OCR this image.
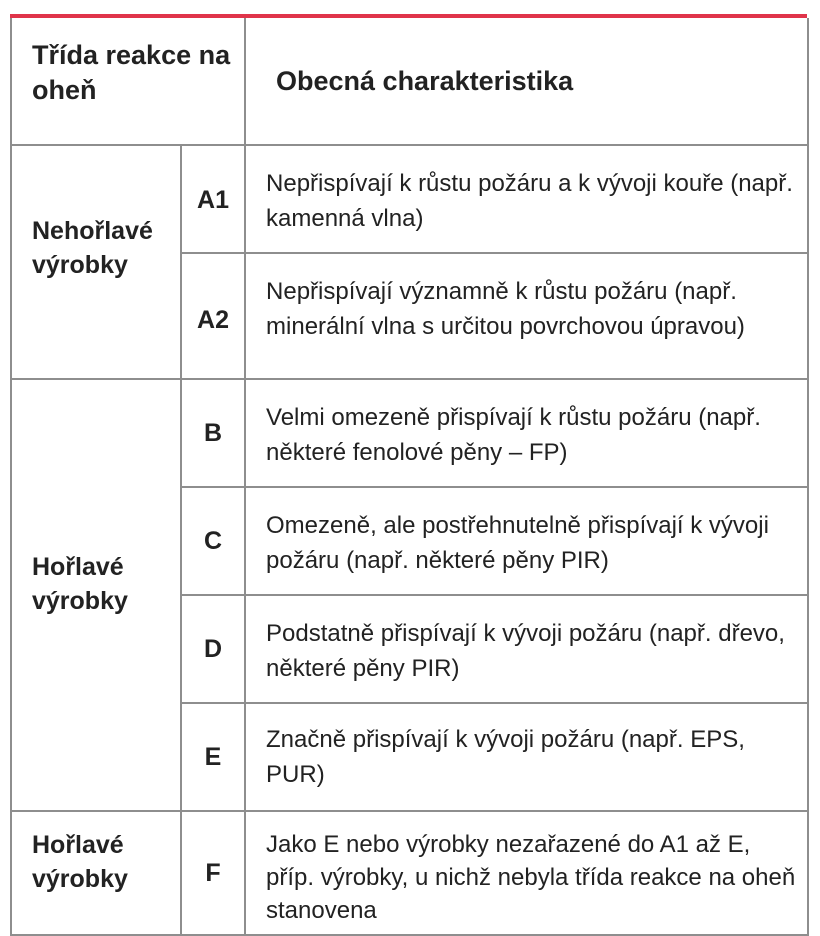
Třída reakce na oheň		Obecná charakteristika
Nehořlavé výrobky	A1	Nepřispívají k růstu požáru a k vývoji kouře (např. kamenná vlna)
	A2	Nepřispívají významně k růstu požáru (např. minerální vlna s určitou povrchovou úpravou)
Hořlavé výrobky	B	Velmi omezeně přispívají k růstu požáru (např. některé fenolové pěny – FP)
	C	Omezeně, ale postřehnutelně přispívají k vývoji požáru (např. některé pěny PIR)
	D	Podstatně přispívají k vývoji požáru (např. dřevo, některé pěny PIR)
	E	Značně přispívají k vývoji požáru (např. EPS, PUR)
Hořlavé výrobky	F	Jako E nebo výrobky nezařazené do A1 až E, příp. výrobky, u nichž nebyla třída reakce na oheň stanovena
